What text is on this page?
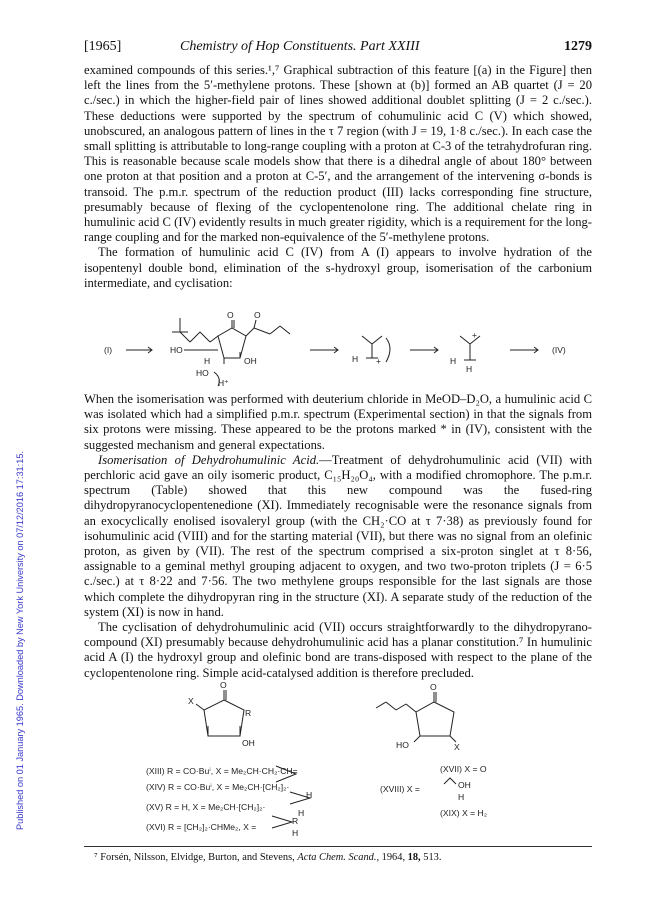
Published on 01 January 1965. Downloaded by New York University on 07/12/2016 17:31:15.
[1965]	Chemistry of Hop Constituents. Part XXIII	1279

examined compounds of this series.¹,⁷ Graphical subtraction of this feature [(a) in the Figure] then left the lines from the 5′-methylene protons. These [shown at (b)] formed an AB quartet (J = 20 c./sec.) in which the higher-field pair of lines showed additional doublet splitting (J = 2 c./sec.). These deductions were supported by the spectrum of cohumulinic acid C (V) which showed, unobscured, an analogous pattern of lines in the τ 7 region (with J = 19, 1·8 c./sec.). In each case the small splitting is attributable to long-range coupling with a proton at C-3 of the tetrahydrofuran ring. This is reasonable because scale models show that there is a dihedral angle of about 180° between one proton at that position and a proton at C-5′, and the arrangement of the intervening σ-bonds is transoid. The p.m.r. spectrum of the reduction product (III) lacks corresponding fine structure, presumably because of flexing of the cyclopentenolone ring. The additional chelate ring in humulinic acid C (IV) evidently results in much greater rigidity, which is a requirement for the long-range coupling and for the marked non-equivalence of the 5′-methylene protons.

The formation of humulinic acid C (IV) from A (I) appears to involve hydration of the isopentenyl double bond, elimination of the s-hydroxyl group, isomerisation of the carbonium intermediate, and cyclisation:

(I)	(IV)
O O
HO
H	OH
HO
H⁺
H +	H
+
H

When the isomerisation was performed with deuterium chloride in MeOD–D₂O, a humulinic acid C was isolated which had a simplified p.m.r. spectrum (Experimental section) in that the signals from six protons were missing. These appeared to be the protons marked * in (IV), consistent with the suggested mechanism and general expectations.

Isomerisation of Dehydrohumulinic Acid.—Treatment of dehydrohumulinic acid (VII) with perchloric acid gave an oily isomeric product, C₁₅H₂₀O₄, with a modified chromophore. The p.m.r. spectrum (Table) showed that this new compound was the fused-ring dihydropyranocyclopentenedione (XI). Immediately recognisable were the resonance signals from an exocyclically enolised isovaleryl group (with the CH₂·CO at τ 7·38) as previously found for isohumulinic acid (VIII) and for the starting material (VII), but there was no signal from an olefinic proton, as given by (VII). The rest of the spectrum comprised a six-proton singlet at τ 8·56, assignable to a geminal methyl grouping adjacent to oxygen, and two two-proton triplets (J = 6·5 c./sec.) at τ 8·22 and 7·56. The two methylene groups responsible for the last signals are those which complete the dihydropyran ring in the structure (XI). A separate study of the reduction of the system (XI) is now in hand.

The cyclisation of dehydrohumulinic acid (VII) occurs straightforwardly to the dihydropyrano-compound (XI) presumably because dehydrohumulinic acid has a planar constitution.⁷ In humulinic acid A (I) the hydroxyl group and olefinic bond are trans-disposed with respect to the plane of the cyclopentenolone ring. Simple acid-catalysed addition is therefore precluded.

X
R
O
OH
(XIII) R = CO·Buⁱ, X = Me₂CH·CH₂·CH=
(XIV) R = CO·Buⁱ, X = Me₂CH·[CH₂]₂·
H
(XV) R = H, X = Me₂CH·[CH₂]₂·
H
(XVI) R = [CH₂]₂·CHMe₂, X =
R
H
O
HO	X
(XVII) X = O
(XVIII) X =	OH
H
(XIX) X = H₂
⁷ Forsén, Nilsson, Elvidge, Burton, and Stevens, Acta Chem. Scand., 1964, 18, 513.
